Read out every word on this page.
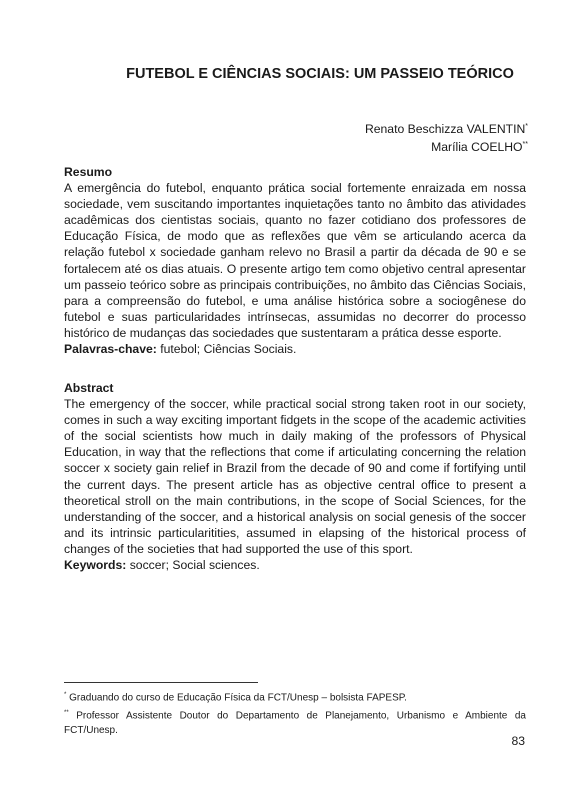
FUTEBOL E CIÊNCIAS SOCIAIS: UM PASSEIO TEÓRICO
Renato Beschizza VALENTIN*
Marília COELHO**

Resumo

A emergência do futebol, enquanto prática social fortemente enraizada em nossa sociedade, vem suscitando importantes inquietações tanto no âmbito das atividades acadêmicas dos cientistas sociais, quanto no fazer cotidiano dos professores de Educação Física, de modo que as reflexões que vêm se articulando acerca da relação futebol x sociedade ganham relevo no Brasil a partir da década de 90 e se fortalecem até os dias atuais. O presente artigo tem como objetivo central apresentar um passeio teórico sobre as principais contribuições, no âmbito das Ciências Sociais, para a compreensão do futebol, e uma análise histórica sobre a sociogênese do futebol e suas particularidades intrínsecas, assumidas no decorrer do processo histórico de mudanças das sociedades que sustentaram a prática desse esporte.

Palavras-chave: futebol; Ciências Sociais.

Abstract

The emergency of the soccer, while practical social strong taken root in our society, comes in such a way exciting important fidgets in the scope of the academic activities of the social scientists how much in daily making of the professors of Physical Education, in way that the reflections that come if articulating concerning the relation soccer x society gain relief in Brazil from the decade of 90 and come if fortifying until the current days. The present article has as objective central office to present a theoretical stroll on the main contributions, in the scope of Social Sciences, for the understanding of the soccer, and a historical analysis on social genesis of the soccer and its intrinsic particularitities, assumed in elapsing of the historical process of changes of the societies that had supported the use of this sport.

Keywords: soccer; Social sciences.

* Graduando do curso de Educação Física da FCT/Unesp – bolsista FAPESP.

** Professor Assistente Doutor do Departamento de Planejamento, Urbanismo e Ambiente da FCT/Unesp.

83
